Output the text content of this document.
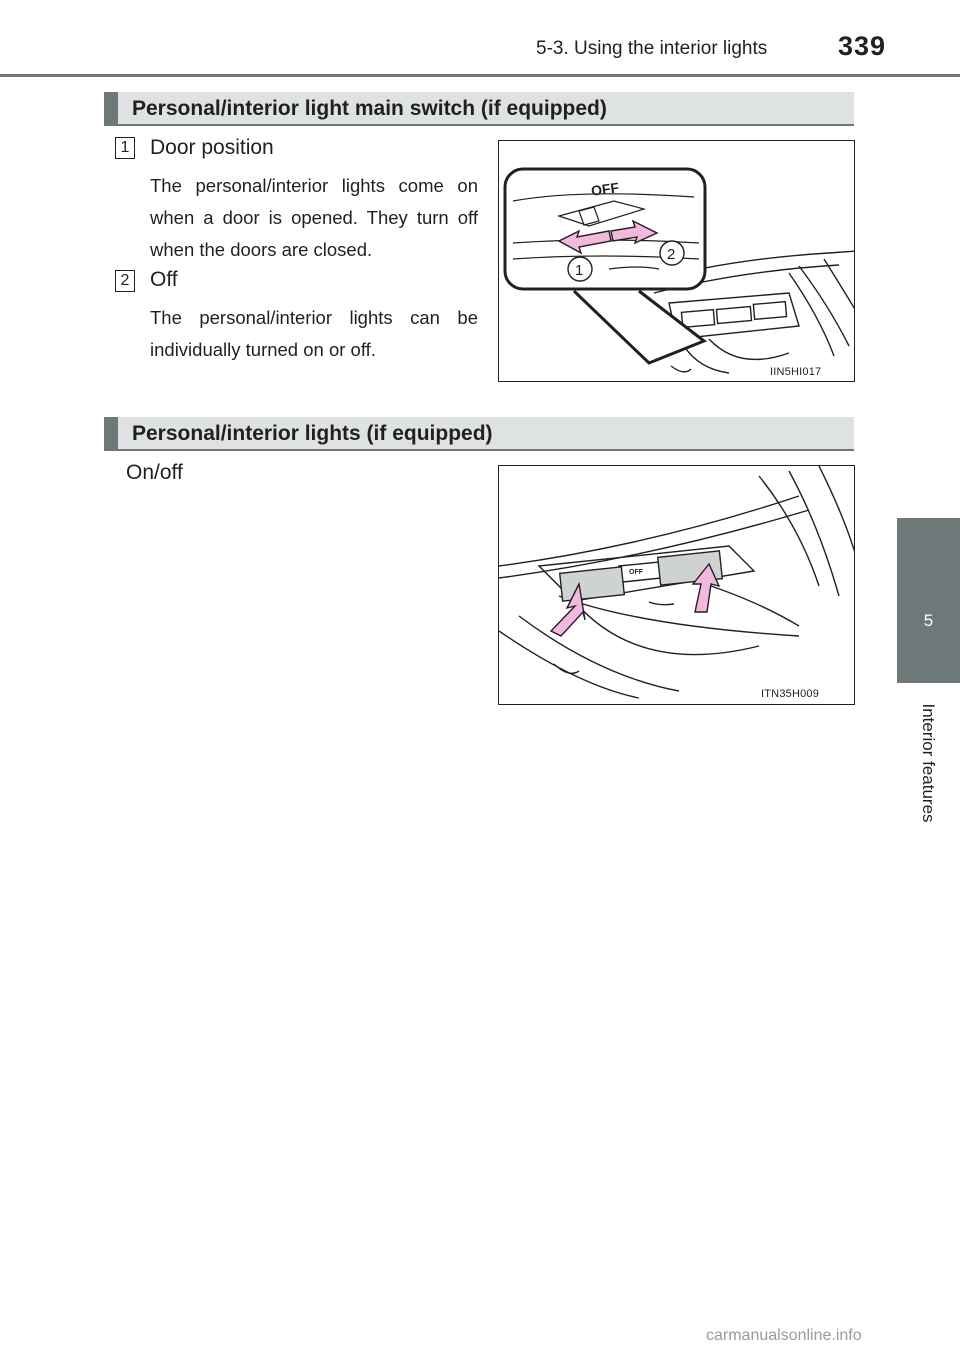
5-3. Using the interior lights	339
5
Interior features
Personal/interior light main switch (if equipped)
1 Door position
The personal/interior lights come on when a door is opened. They turn off when the doors are closed.
2 Off
The personal/interior lights can be individually turned on or off.
OFF
1
2
IIN5HI017
Personal/interior lights (if equipped)
On/off
OFF
ITN35H009
carmanualsonline.info
